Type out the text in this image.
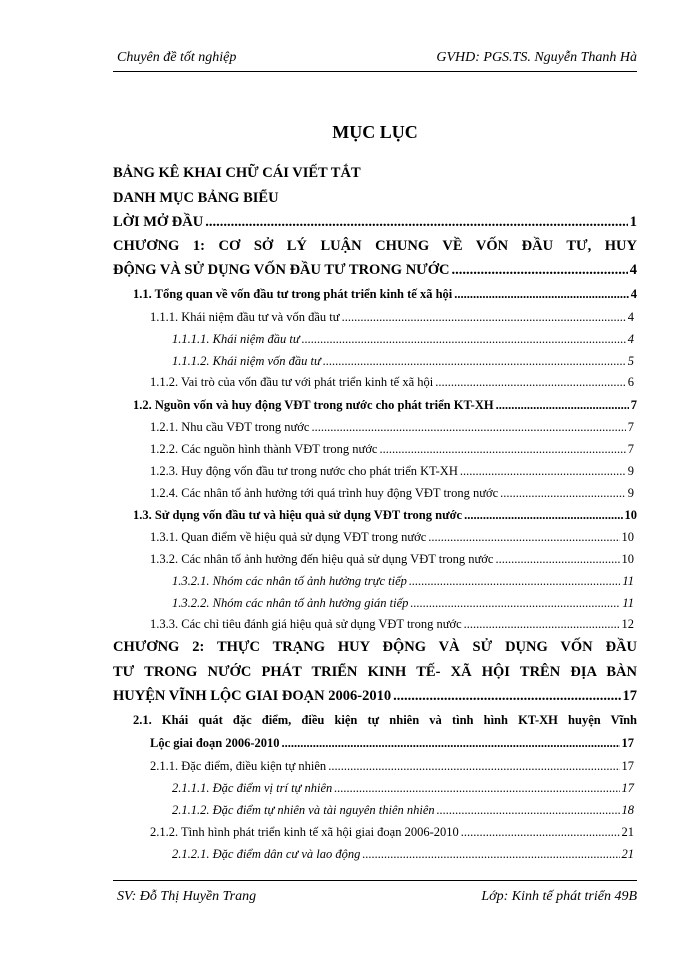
Chuyên đề tốt nghiệp	GVHD: PGS.TS. Nguyễn Thanh Hà
MỤC LỤC
BẢNG KÊ KHAI CHỮ CÁI VIẾT TẮT
DANH MỤC BẢNG BIỂU
LỜI MỞ ĐẦU .....	1
CHƯƠNG 1: CƠ SỞ LÝ LUẬN CHUNG VỀ VỐN ĐẦU TƯ, HUY
ĐỘNG VÀ SỬ DỤNG VỐN ĐẦU TƯ TRONG NƯỚC .....	4
1.1. Tổng quan về vốn đầu tư trong phát triển kinh tế xã hội .....	4
1.1.1. Khái niệm đầu tư và vốn đầu tư .....	4
1.1.1.1. Khái niệm đầu tư .....	4
1.1.1.2. Khái niệm vốn đầu tư .....	5
1.1.2. Vai trò của vốn đầu tư với phát triển kinh tế xã hội .....	6
1.2. Nguồn vốn và huy động VĐT trong nước cho phát triển KT-XH .....	7
1.2.1. Nhu cầu VĐT trong nước .....	7
1.2.2. Các nguồn hình thành VĐT trong nước .....	7
1.2.3. Huy động vốn đầu tư trong nước cho phát triển KT-XH .....	9
1.2.4. Các nhân tố ảnh hưởng tới quá trình huy động VĐT trong nước .....	9
1.3. Sử dụng vốn đầu tư và hiệu quả sử dụng VĐT trong nước .....	10
1.3.1. Quan điểm về hiệu quả sử dụng VĐT trong nước .....	10
1.3.2. Các nhân tố ảnh hưởng đến hiệu quả sử dụng VĐT trong nước .....	10
1.3.2.1. Nhóm các nhân tố ảnh hưởng trực tiếp .....	11
1.3.2.2. Nhóm các nhân tố ảnh hưởng gián tiếp .....	11
1.3.3. Các chỉ tiêu đánh giá hiệu quả sử dụng VĐT trong nước .....	12
CHƯƠNG 2: THỰC TRẠNG HUY ĐỘNG VÀ SỬ DỤNG VỐN ĐẦU
TƯ TRONG NƯỚC PHÁT TRIỂN KINH TẾ- XÃ HỘI TRÊN ĐỊA BÀN
HUYỆN VĨNH LỘC GIAI ĐOẠN 2006-2010 .....	17
2.1. Khái quát đặc điểm, điều kiện tự nhiên và tình hình KT-XH huyện Vĩnh
Lộc giai đoạn 2006-2010 .....	17
2.1.1. Đặc điểm, điều kiện tự nhiên .....	17
2.1.1.1. Đặc điểm vị trí tự nhiên .....	17
2.1.1.2. Đặc điểm tự nhiên và tài nguyên thiên nhiên .....	18
2.1.2. Tình hình phát triển kinh tế xã hội giai đoạn 2006-2010 .....	21
2.1.2.1. Đặc điểm dân cư và lao động .....	21
SV: Đỗ Thị Huyền Trang	Lớp: Kinh tế phát triển 49B
